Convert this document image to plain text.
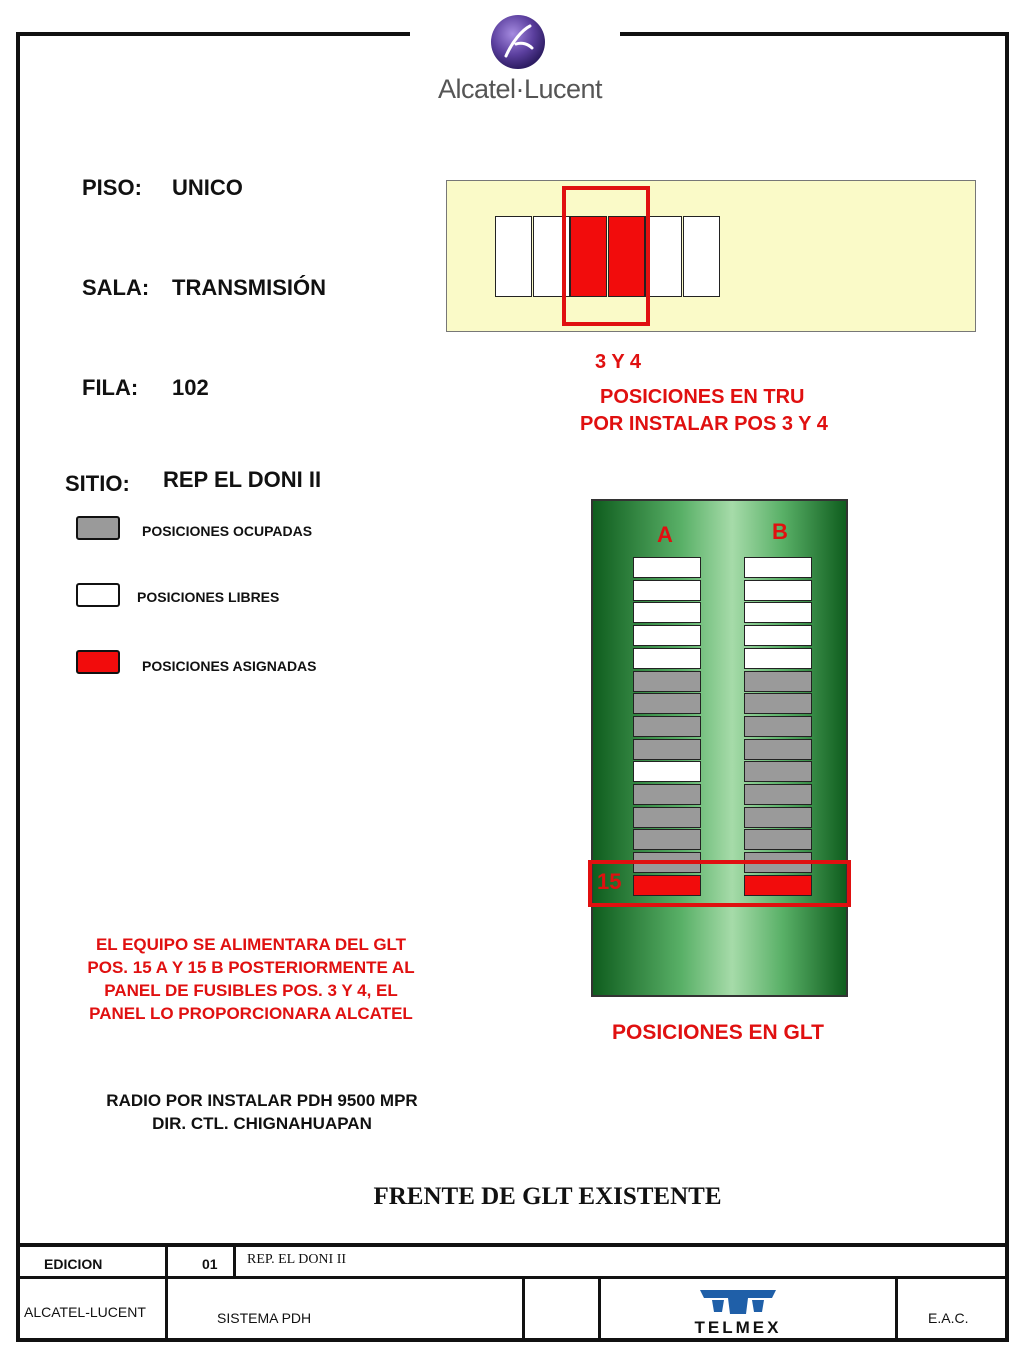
Alcatel·Lucent
PISO: UNICO
SALA: TRANSMISIÓN
FILA: 102
SITIO: REP EL DONI II
POSICIONES OCUPADAS
POSICIONES LIBRES
POSICIONES ASIGNADAS
3 Y 4
POSICIONES EN TRU
POR INSTALAR POS 3 Y 4
A	B
15
POSICIONES EN GLT
EL EQUIPO SE ALIMENTARA DEL GLT
POS. 15 A Y 15 B POSTERIORMENTE AL
PANEL DE FUSIBLES POS. 3 Y 4, EL
PANEL LO PROPORCIONARA ALCATEL
RADIO POR INSTALAR PDH 9500 MPR
DIR. CTL. CHIGNAHUAPAN
FRENTE DE GLT EXISTENTE
EDICION	01 REP. EL DONI II
ALCATEL-LUCENT	SISTEMA PDH	TELMEX	E.A.C.
